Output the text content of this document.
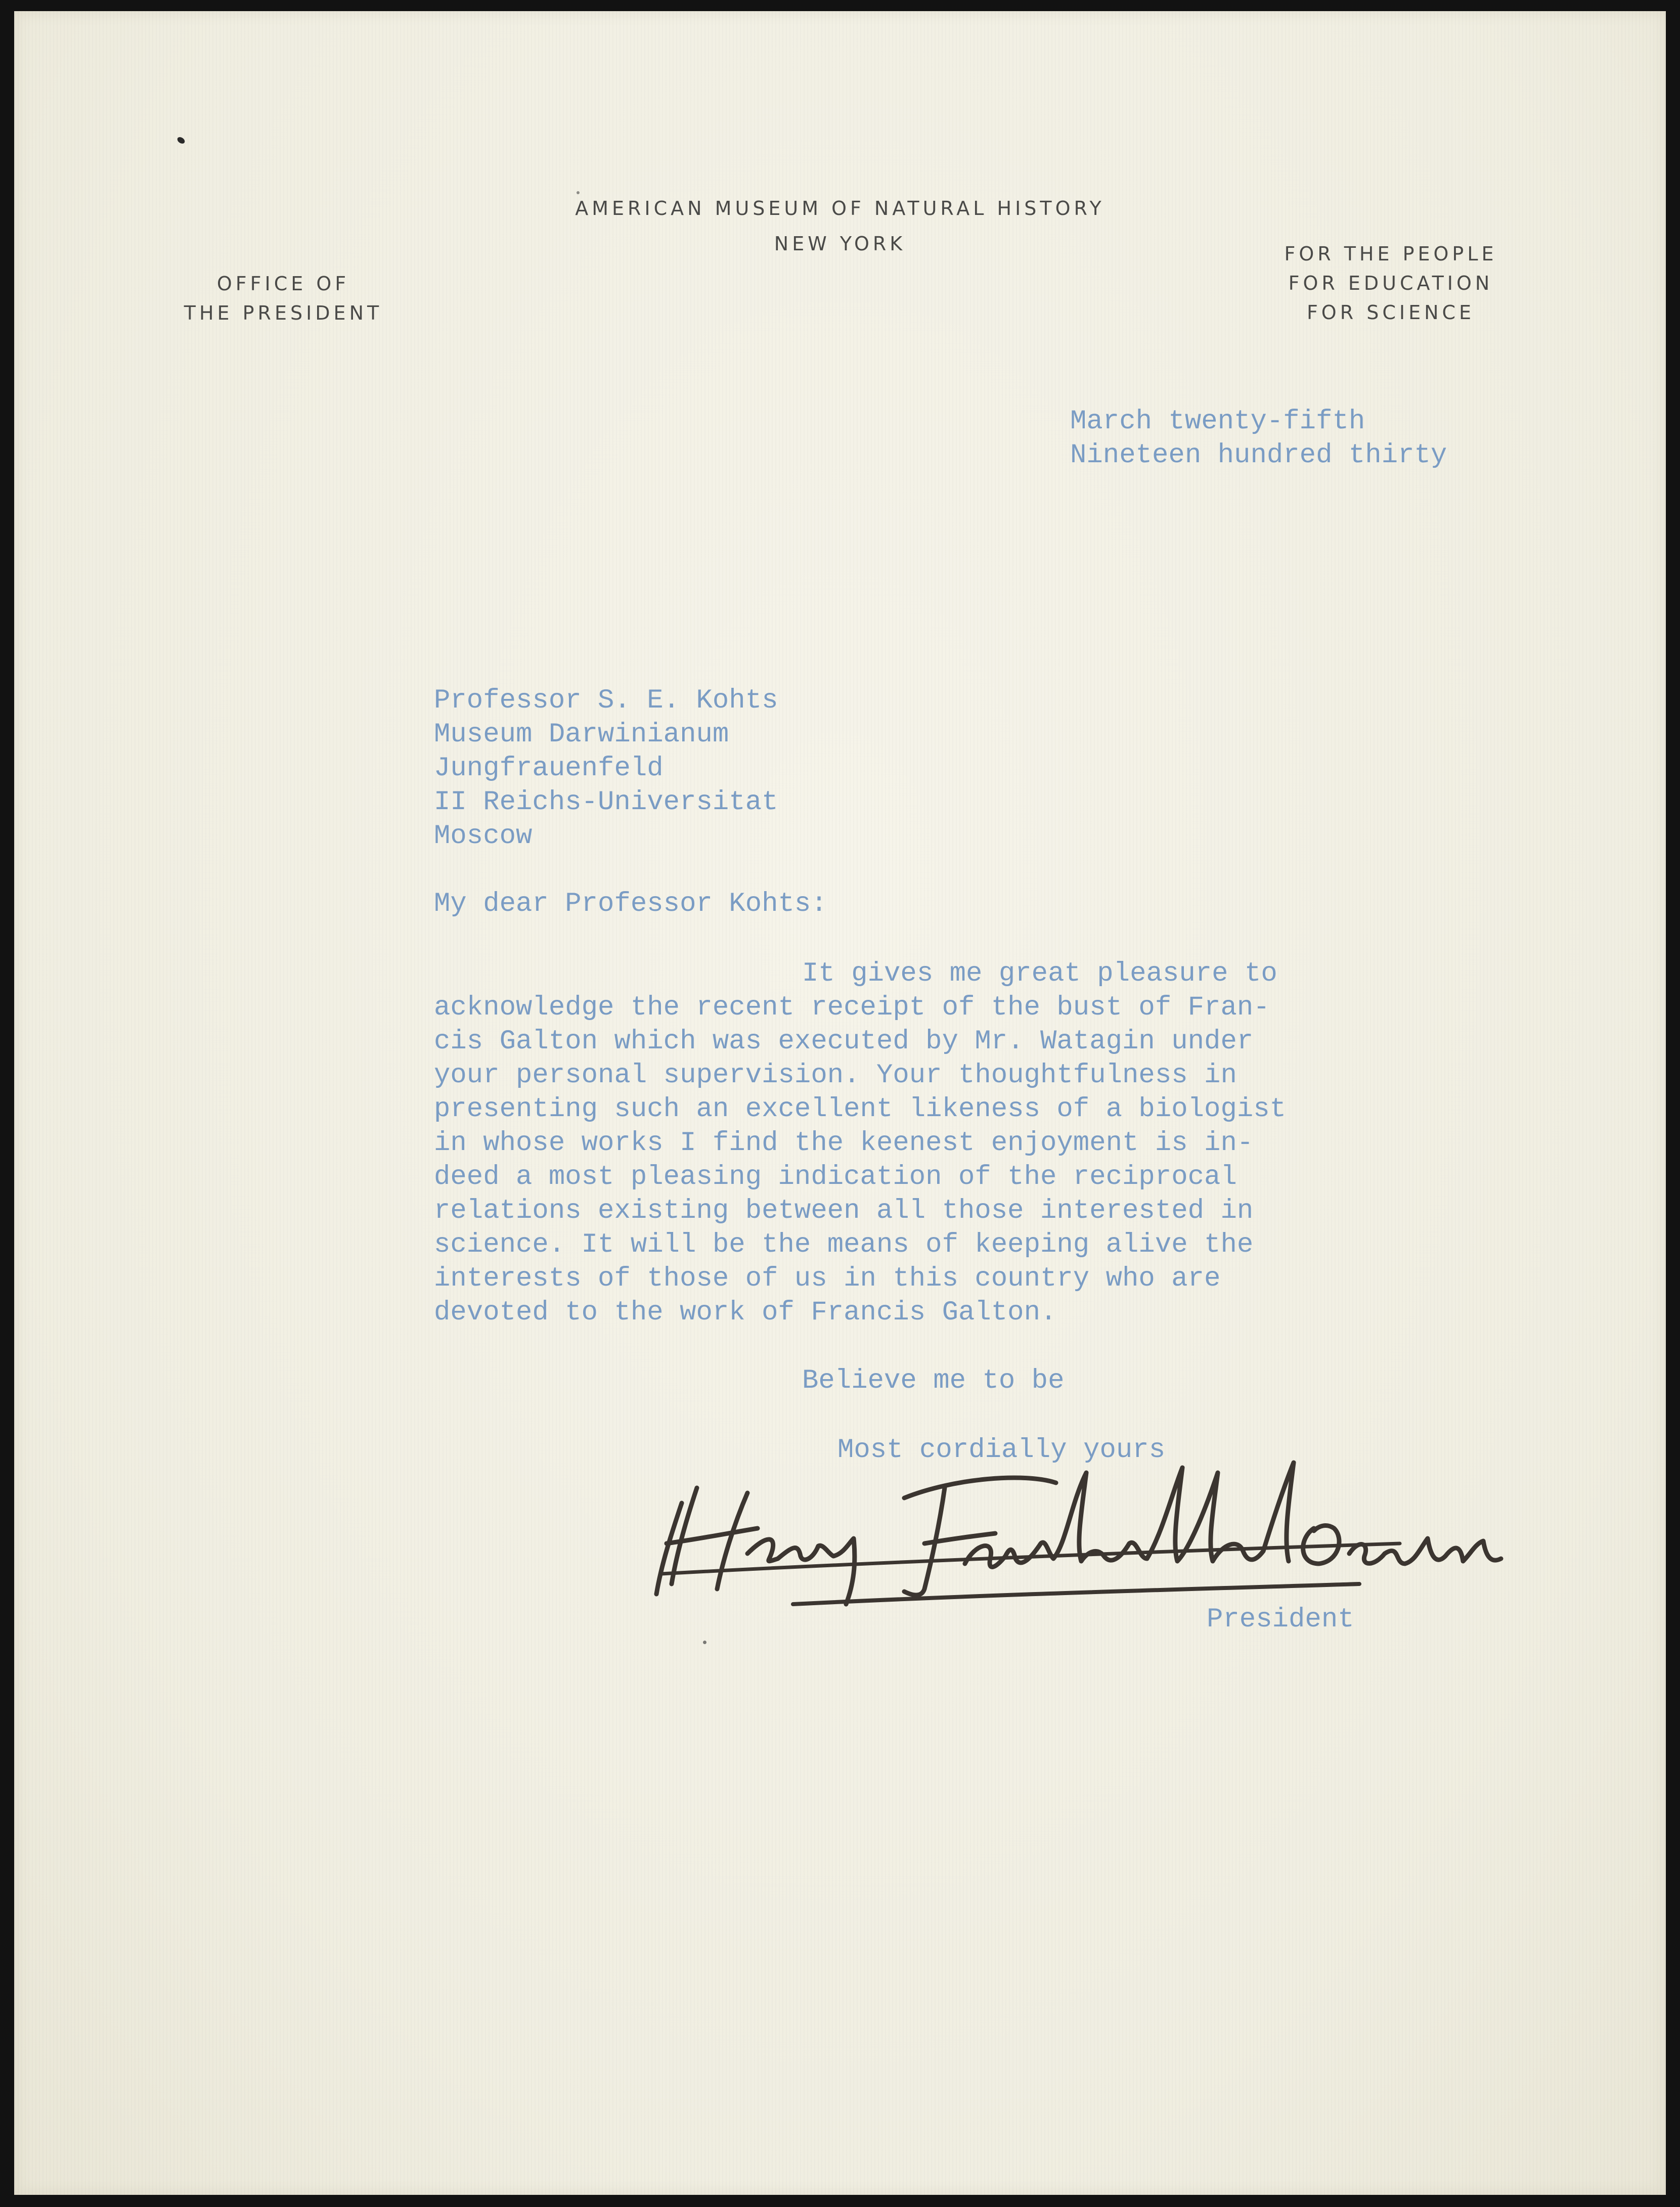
AMERICAN MUSEUM OF NATURAL HISTORY

NEW YORK

OFFICE OF

THE PRESIDENT

FOR THE PEOPLE

FOR EDUCATION

FOR SCIENCE

March twenty-fifth

Nineteen hundred thirty

Professor S. E. Kohts

Museum Darwinianum

Jungfrauenfeld

II Reichs-Universitat

Moscow

My dear Professor Kohts:

It gives me great pleasure to

acknowledge the recent receipt of the bust of Fran-

cis Galton which was executed by Mr. Watagin under

your personal supervision. Your thoughtfulness in

presenting such an excellent likeness of a biologist

in whose works I find the keenest enjoyment is in-

deed a most pleasing indication of the reciprocal

relations existing between all those interested in

science. It will be the means of keeping alive the

interests of those of us in this country who are

devoted to the work of Francis Galton.

Believe me to be

Most cordially yours

President
